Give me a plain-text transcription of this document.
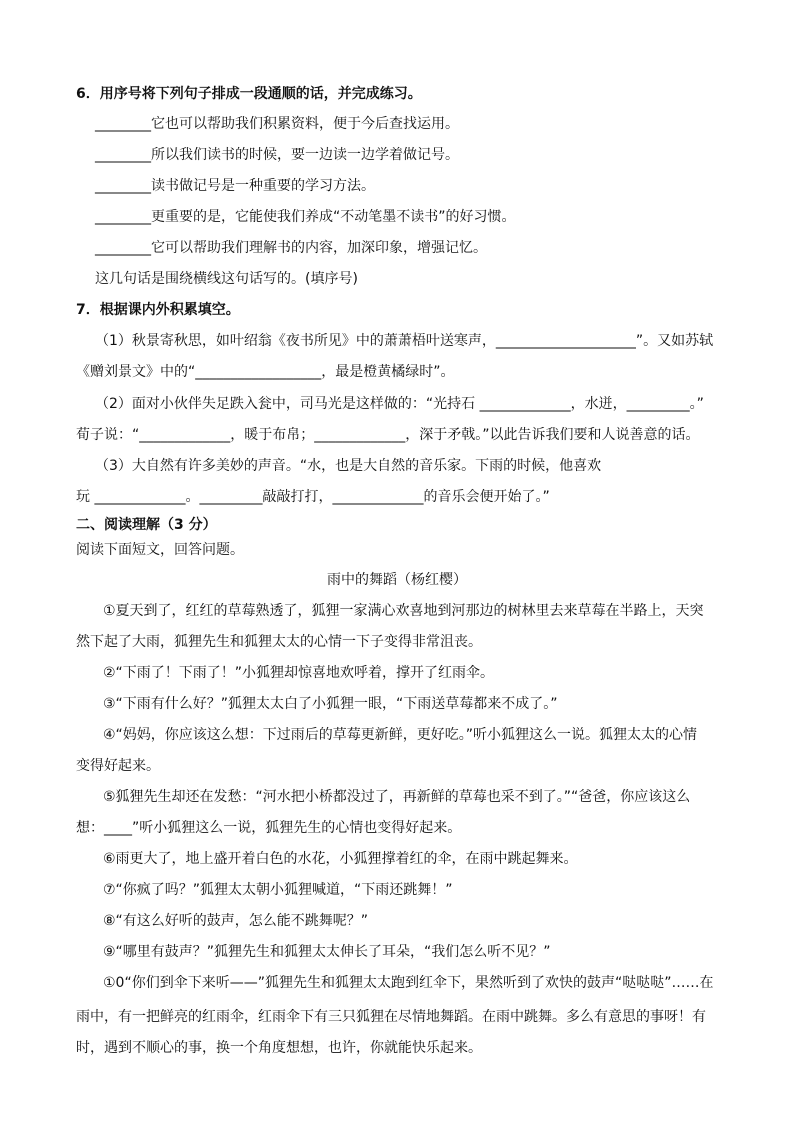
6．用序号将下列句子排成一段通顺的话，并完成练习。
________它也可以帮助我们积累资料，便于今后查找运用。
________所以我们读书的时候，要一边读一边学着做记号。
________读书做记号是一种重要的学习方法。
________更重要的是，它能使我们养成“不动笔墨不读书”的好习惯。
________它可以帮助我们理解书的内容，加深印象，增强记忆。
这几句话是围绕横线这句话写的。(填序号)
7．根据课内外积累填空。
（1）秋景寄秋思，如叶绍翁《夜书所见》中的萧萧梧叶送寒声，____________________”。又如苏轼
《赠刘景文》中的“__________________，最是橙黄橘绿时”。
（2）面对小伙伴失足跌入瓮中，司马光是这样做的：“光持石 _____________，水迸，_________。”
荀子说：“_____________，暖于布帛；_____________，深于矛戟。”以此告诉我们要和人说善意的话。
（3）大自然有许多美妙的声音。“水，也是大自然的音乐家。下雨的时候，他喜欢
玩 _____________。_________敲敲打打，_____________的音乐会便开始了。”
二、阅读理解（3 分）
阅读下面短文，回答问题。
雨中的舞蹈（杨红樱）
①夏天到了，红红的草莓熟透了，狐狸一家满心欢喜地到河那边的树林里去来草莓在半路上，天突
然下起了大雨，狐狸先生和狐狸太太的心情一下子变得非常沮丧。
②“下雨了！下雨了！”小狐狸却惊喜地欢呼着，撑开了红雨伞。
③“下雨有什么好？”狐狸太太白了小狐狸一眼，“下雨送草莓都来不成了。”
④“妈妈，你应该这么想：下过雨后的草莓更新鲜，更好吃。”听小狐狸这么一说。狐狸太太的心情
变得好起来。
⑤狐狸先生却还在发愁：“河水把小桥都没过了，再新鲜的草莓也采不到了。”“爸爸，你应该这么
想：____”听小狐狸这么一说，狐狸先生的心情也变得好起来。
⑥雨更大了，地上盛开着白色的水花，小狐狸撑着红的伞，在雨中跳起舞来。
⑦“你疯了吗？”狐狸太太朝小狐狸喊道，“下雨还跳舞！”
⑧“有这么好听的鼓声，怎么能不跳舞呢？”
⑨“哪里有鼓声？”狐狸先生和狐狸太太伸长了耳朵，“我们怎么听不见？”
①0“你们到伞下来听——”狐狸先生和狐狸太太跑到红伞下，果然听到了欢快的鼓声“哒哒哒”……在
雨中，有一把鲜亮的红雨伞，红雨伞下有三只狐狸在尽情地舞蹈。在雨中跳舞。多么有意思的事呀！有
时，遇到不顺心的事，换一个角度想想，也许，你就能快乐起来。
